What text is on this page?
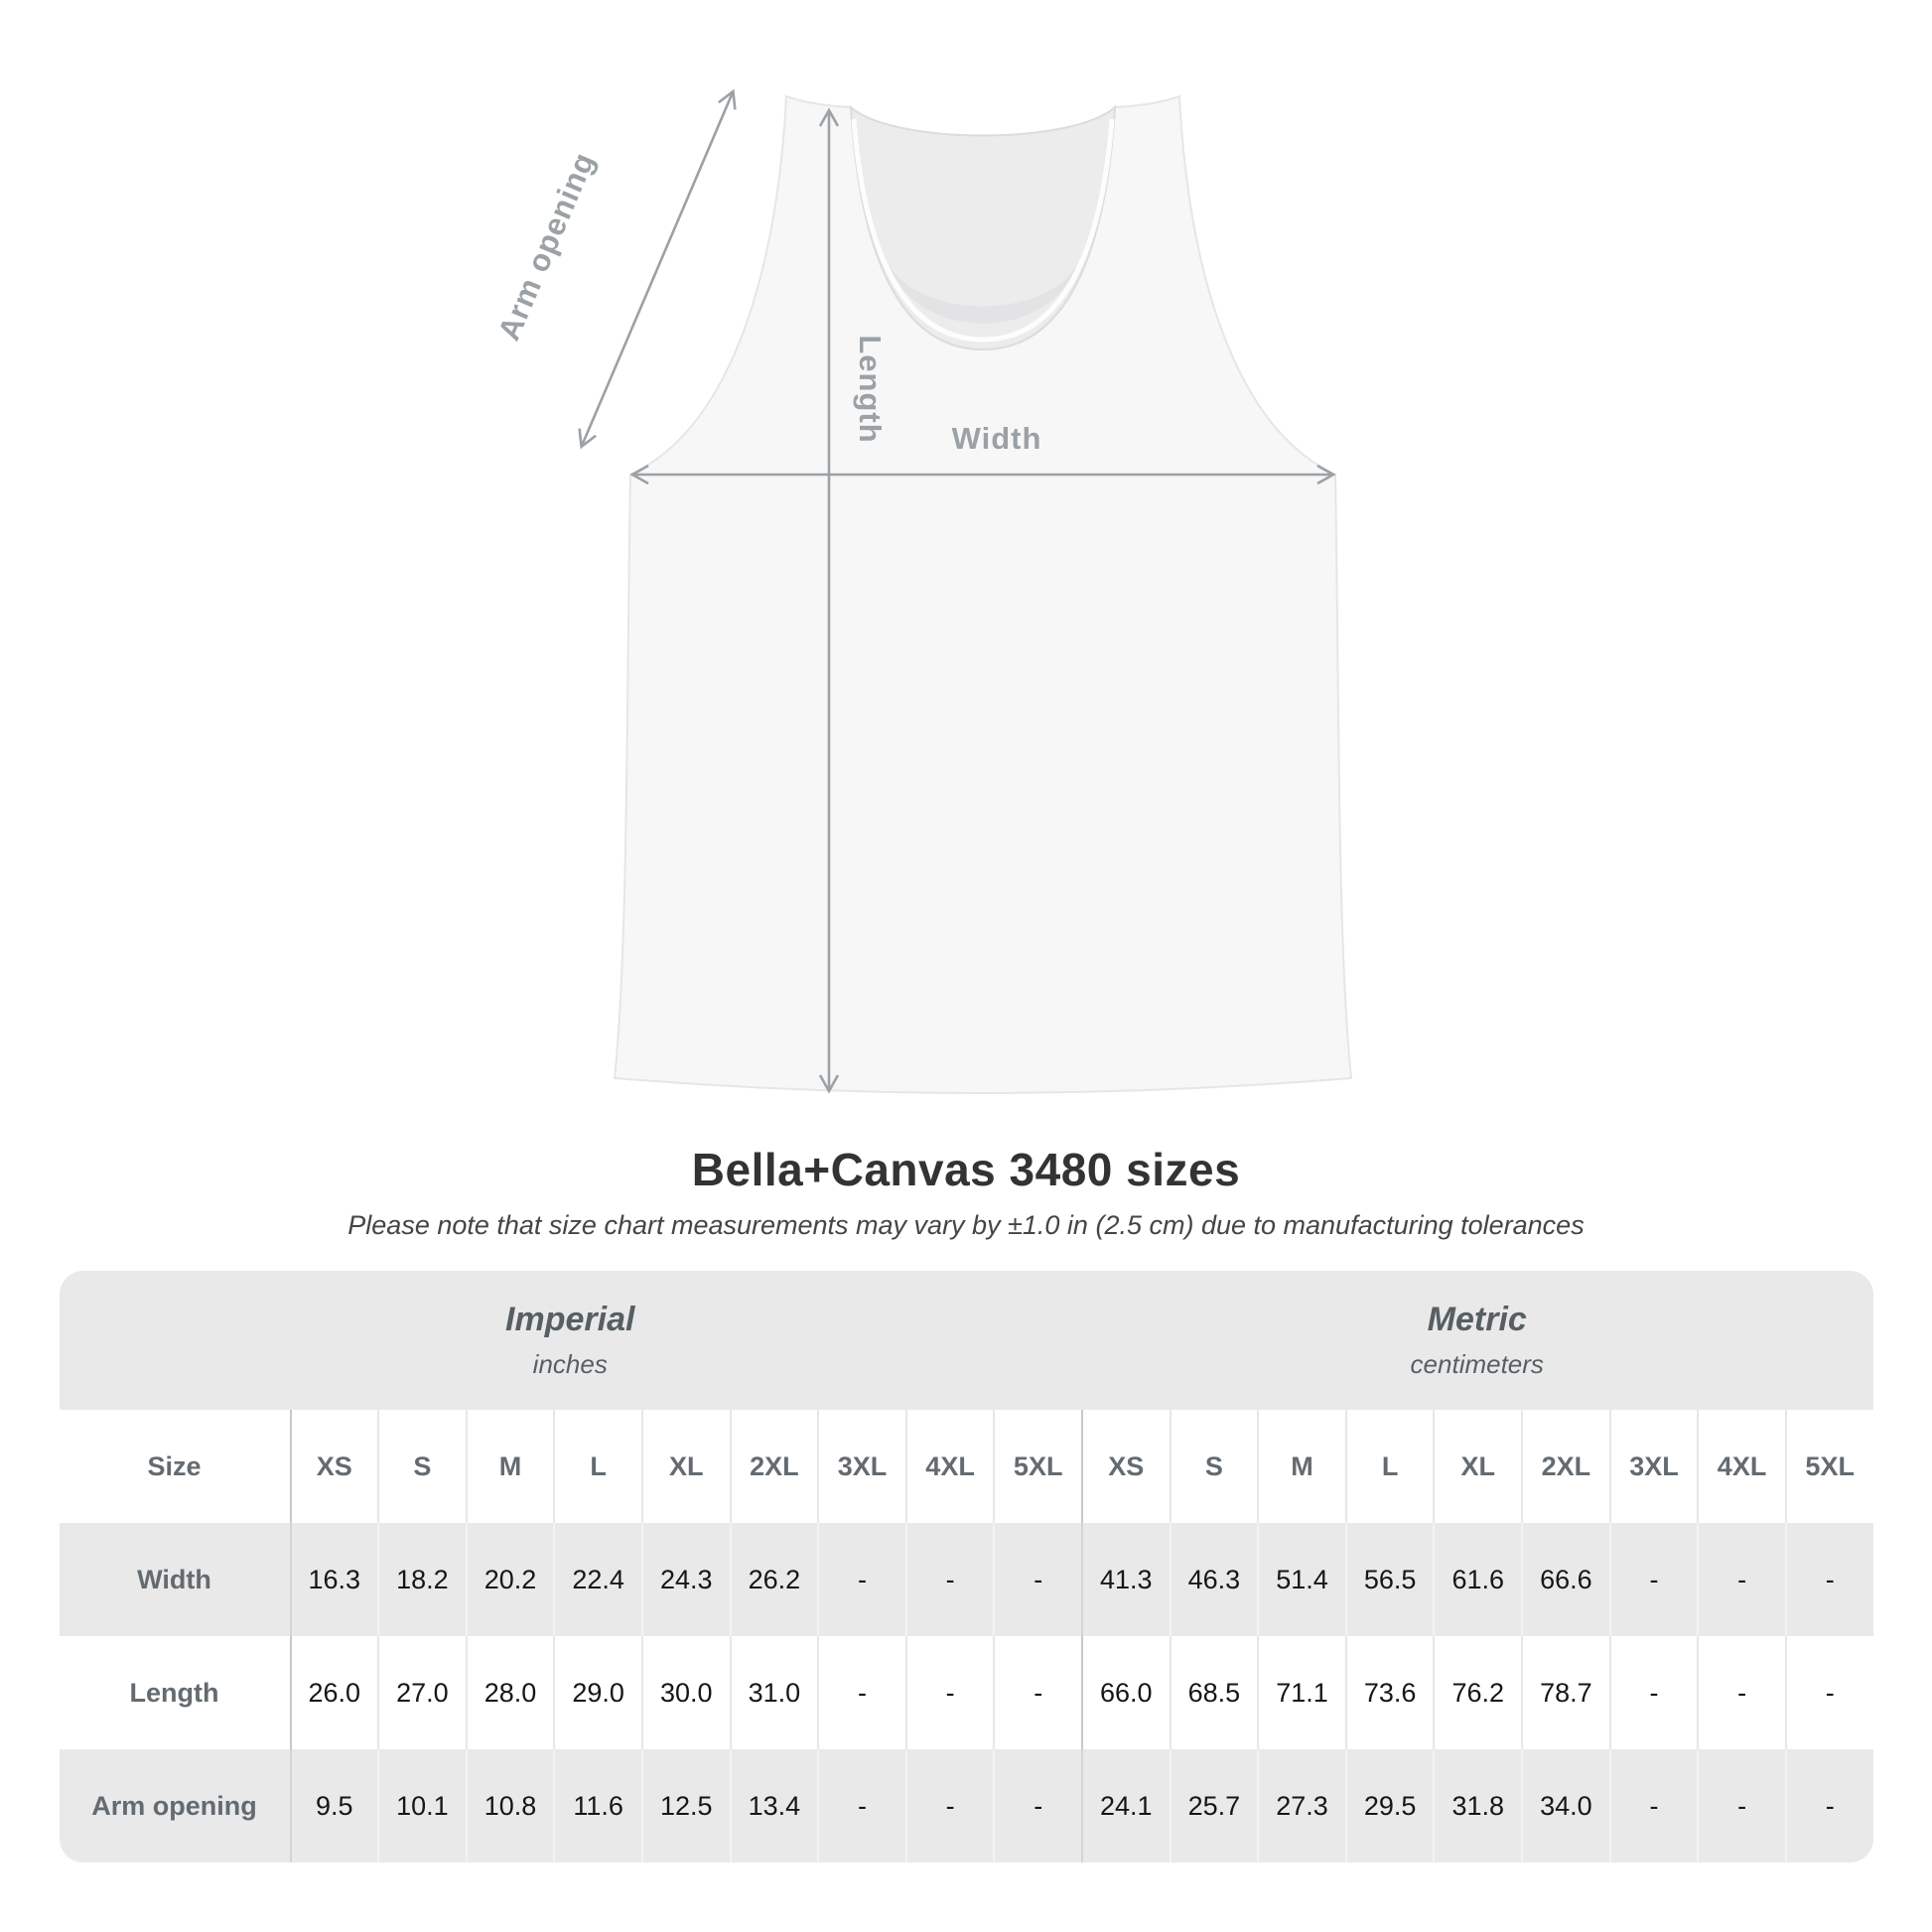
Arm opening
Length Width
Bella+Canvas 3480 sizes

Please note that size chart measurements may vary by ±1.0 in (2.5 cm) due to manufacturing tolerances

Imperial
inches
Metric
centimeters
Size	XS	S	M	L	XL	2XL	3XL	4XL	5XL	XS	S	M	L	XL	2XL	3XL	4XL	5XL
Width	16.3	18.2	20.2	22.4	24.3	26.2	-	-	-	41.3	46.3	51.4	56.5	61.6	66.6	-	-	-
Length	26.0	27.0	28.0	29.0	30.0	31.0	-	-	-	66.0	68.5	71.1	73.6	76.2	78.7	-	-	-
Arm opening	9.5	10.1	10.8	11.6	12.5	13.4	-	-	-	24.1	25.7	27.3	29.5	31.8	34.0	-	-	-
